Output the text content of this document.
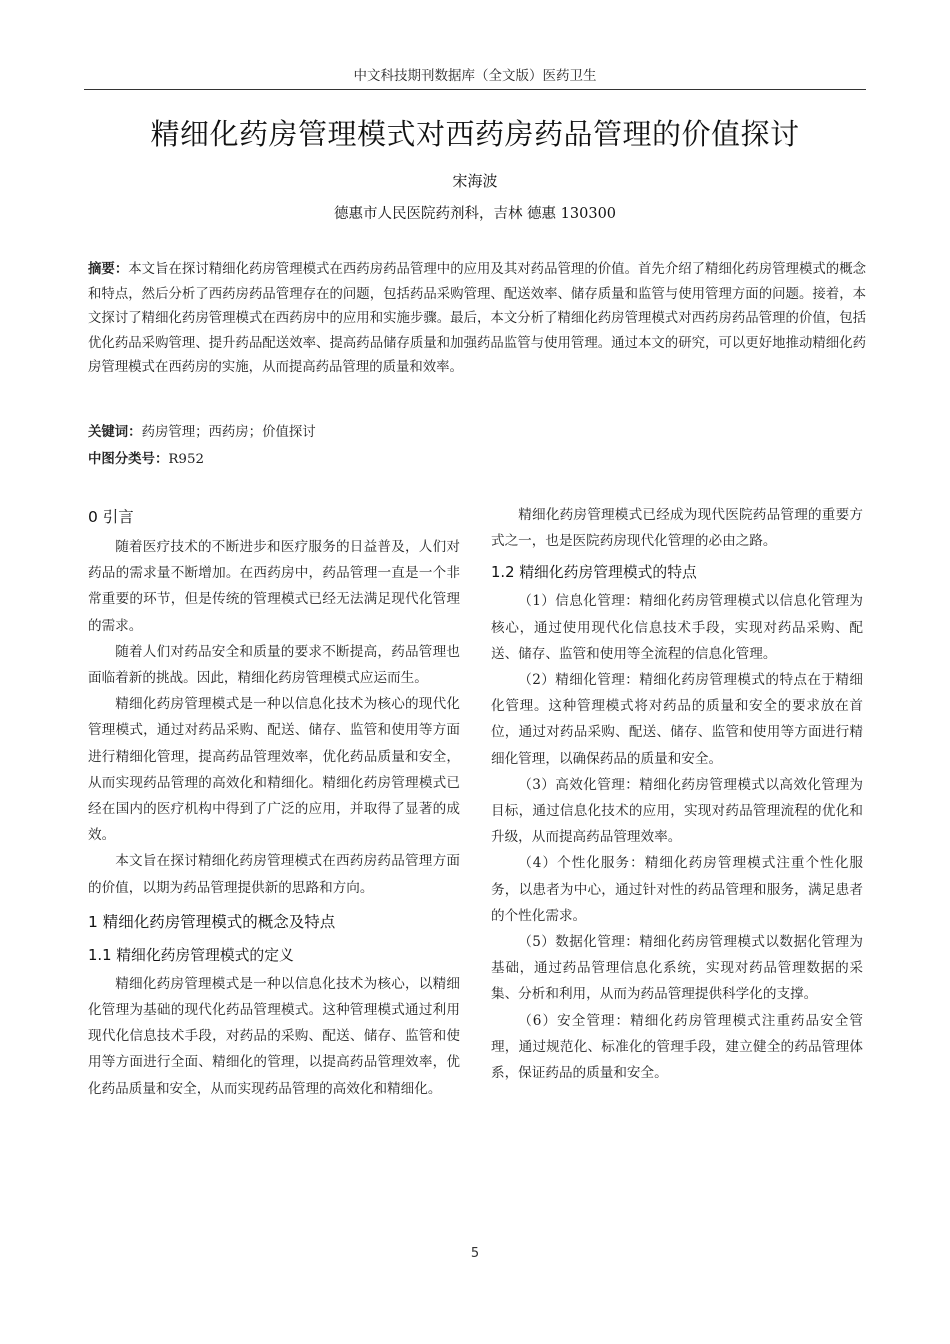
中文科技期刊数据库（全文版）医药卫生
精细化药房管理模式对西药房药品管理的价值探讨
宋海波
德惠市人民医院药剂科，吉林 德惠 130300
摘要：本文旨在探讨精细化药房管理模式在西药房药品管理中的应用及其对药品管理的价值。首先介绍了精细化药房管理模式的概念和特点，然后分析了西药房药品管理存在的问题，包括药品采购管理、配送效率、储存质量和监管与使用管理方面的问题。接着，本文探讨了精细化药房管理模式在西药房中的应用和实施步骤。最后，本文分析了精细化药房管理模式对西药房药品管理的价值，包括优化药品采购管理、提升药品配送效率、提高药品储存质量和加强药品监管与使用管理。通过本文的研究，可以更好地推动精细化药房管理模式在西药房的实施，从而提高药品管理的质量和效率。
关键词：药房管理；西药房；价值探讨
中图分类号：R952
0 引言

随着医疗技术的不断进步和医疗服务的日益普及，人们对药品的需求量不断增加。在西药房中，药品管理一直是一个非常重要的环节，但是传统的管理模式已经无法满足现代化管理的需求。

随着人们对药品安全和质量的要求不断提高，药品管理也面临着新的挑战。因此，精细化药房管理模式应运而生。

精细化药房管理模式是一种以信息化技术为核心的现代化管理模式，通过对药品采购、配送、储存、监管和使用等方面进行精细化管理，提高药品管理效率，优化药品质量和安全，从而实现药品管理的高效化和精细化。精细化药房管理模式已经在国内的医疗机构中得到了广泛的应用，并取得了显著的成效。

本文旨在探讨精细化药房管理模式在西药房药品管理方面的价值，以期为药品管理提供新的思路和方向。

1 精细化药房管理模式的概念及特点
1.1 精细化药房管理模式的定义

精细化药房管理模式是一种以信息化技术为核心，以精细化管理为基础的现代化药品管理模式。这种管理模式通过利用现代化信息技术手段，对药品的采购、配送、储存、监管和使用等方面进行全面、精细化的管理，以提高药品管理效率，优化药品质量和安全，从而实现药品管理的高效化和精细化。

精细化药房管理模式已经成为现代医院药品管理的重要方式之一，也是医院药房现代化管理的必由之路。

1.2 精细化药房管理模式的特点

（1）信息化管理：精细化药房管理模式以信息化管理为核心，通过使用现代化信息技术手段，实现对药品采购、配送、储存、监管和使用等全流程的信息化管理。

（2）精细化管理：精细化药房管理模式的特点在于精细化管理。这种管理模式将对药品的质量和安全的要求放在首位，通过对药品采购、配送、储存、监管和使用等方面进行精细化管理，以确保药品的质量和安全。

（3）高效化管理：精细化药房管理模式以高效化管理为目标，通过信息化技术的应用，实现对药品管理流程的优化和升级，从而提高药品管理效率。

（4）个性化服务：精细化药房管理模式注重个性化服务，以患者为中心，通过针对性的药品管理和服务，满足患者的个性化需求。

（5）数据化管理：精细化药房管理模式以数据化管理为基础，通过药品管理信息化系统，实现对药品管理数据的采集、分析和利用，从而为药品管理提供科学化的支撑。

（6）安全管理：精细化药房管理模式注重药品安全管理，通过规范化、标准化的管理手段，建立健全的药品管理体系，保证药品的质量和安全。

5
